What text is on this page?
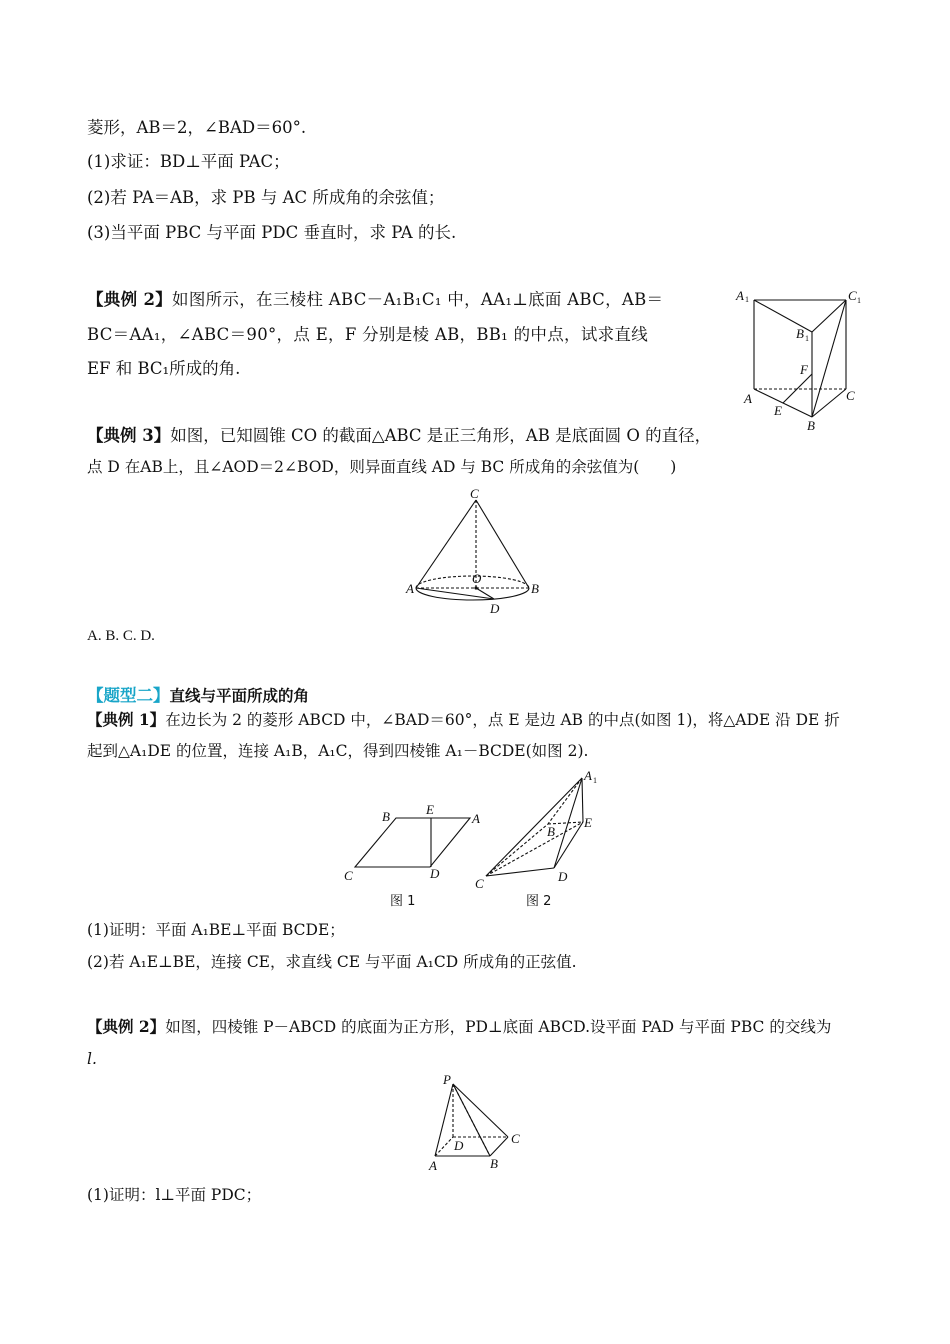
菱形，AB＝2，∠BAD＝60°.
(1)求证：BD⊥平面 PAC；
(2)若 PA＝AB，求 PB 与 AC 所成角的余弦值；
(3)当平面 PBC 与平面 PDC 垂直时，求 PA 的长.
【典例 2】如图所示，在三棱柱 ABC－A₁B₁C₁ 中，AA₁⊥底面 ABC，AB＝
BC＝AA₁，∠ABC＝90°，点 E，F 分别是棱 AB，BB₁ 的中点，试求直线
EF 和 BC₁所成的角.
A 1	C 1
B 1
F
A
E
C
B
【典例 3】如图，已知圆锥 CO 的截面△ABC 是正三角形，AB 是底面圆 O 的直径，
点 D 在AB上，且∠AOD＝2∠BOD，则异面直线 AD 与 BC 所成角的余弦值为(　　)
C
A
O
B
D
A. B. C. D.
【题型二】直线与平面所成的角
【典例 1】在边长为 2 的菱形 ABCD 中，∠BAD＝60°，点 E 是边 AB 的中点(如图 1)，将△ADE 沿 DE 折
起到△A₁DE 的位置，连接 A₁B，A₁C，得到四棱锥 A₁－BCDE(如图 2).
B	E
A
C	D
图 1
A 1
B
E
C	D
图 2
(1)证明：平面 A₁BE⊥平面 BCDE；
(2)若 A₁E⊥BE，连接 CE，求直线 CE 与平面 A₁CD 所成角的正弦值.
【典例 2】如图，四棱锥 P－ABCD 的底面为正方形，PD⊥底面 ABCD.设平面 PAD 与平面 PBC 的交线为
l.
P
D	C
A	B
(1)证明：l⊥平面 PDC；
